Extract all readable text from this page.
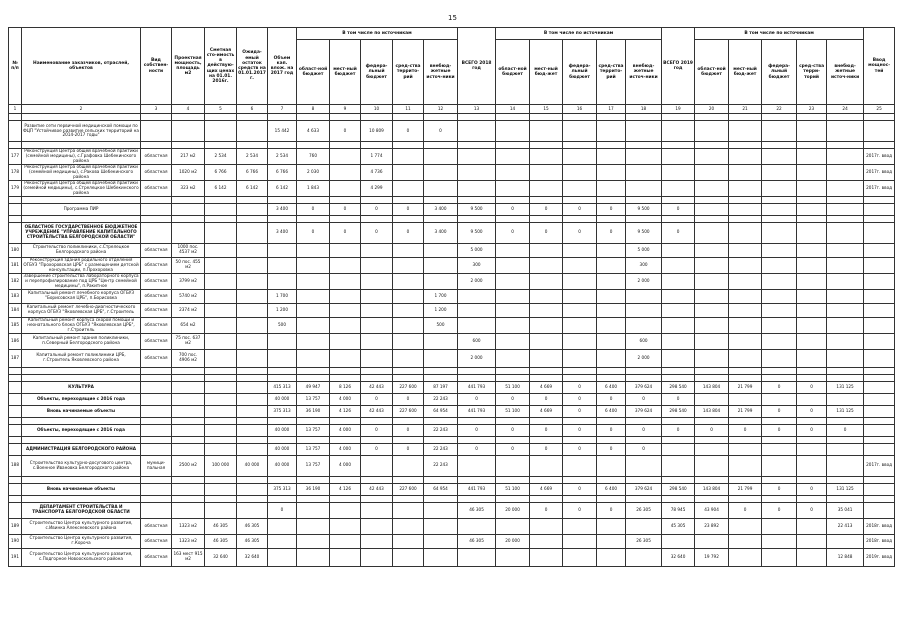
15
№ п/п	Наименование заказчиков, отраслей, объектов	Вид собствен-ности	Проектная мощность, площадь м2	Сметная сто-имость в действую-щих ценах на 01.01. 2016г.	Ожида-емый остаток средств на 01.01.2017 г.	Объем кап. влож. на 2017 год	В том числе по источникам					ВСЕГО 2018 год	В том числе по источникам					ВСЕГО 2019 год	В том числе по источникам					Ввод мощнос-тей
							област-ной бюджет	мест-ный бюджет	федера-льный бюджет	сред-ства террито-рий	внебюд-жетные источ-ники		област-ной бюджет	мест-ный бюд-жет	федера-льный бюджет	сред-ства террито-рий	внебюд-жетные источ-ники		област-ной бюджет	мест-ный бюд-жет	федера-льный бюджет	сред-ства терри-торий	внебюд-жетные источ-ники	
1	2	3	4	5	6	7	8	9	10	11	12	13	14	15	16	17	18	19	20	21	22	23	24	25

	Развитие сети первичной медицинской помощи по ФЦП "Устойчивое развитие сельских территорий на 2014-2017 годы"					15 442	4 633	0	10 809	0	0													

177	Реконструкция Центра общей врачебной практики (семейной медицины), с.Графовка Шебекинского района	областная	217 м2	2 534	2 534	2 534	760		1 774															2017г. ввод
178	Реконструкция Центра общей врачебной практики (семейной медицины), с.Ракова Шебекинского района	областная	1020 м2	6 766	6 766	6 766	2 030		4 736															2017г. ввод
179	Реконструкция Центра общей врачебной практики (семейной медицины), с.Стрелецкое Шебекинского района	областная	323 м2	6 142	6 142	6 142	1 843		4 299															2017г. ввод

	Программа ПИР					3 400	0	0	0	0	3 400	9 500	0	0	0	0	9 500	0						

	ОБЛАСТНОЕ ГОСУДАРСТВЕННОЕ БЮДЖЕТНОЕ УЧРЕЖДЕНИЕ "УПРАВЛЕНИЕ КАПИТАЛЬНОГО СТРОИТЕЛЬСТВА БЕЛГОРОДСКОЙ ОБЛАСТИ"					3 400	0	0	0	0	3 400	9 500	0	0	0	0	9 500	0						
180	Строительство поликлиники, с.Стрелецкое Белгородского района	областная	1000 пос. 4537 м2									5 000					5 000							
181	Реконструкция здания родильного отделения ОГБУЗ "Прохоровская ЦРБ" с размещением детской консультации, п.Прохоровка	областная	50 пос. 455 м2									300					300							
182	Завершение строительства лабораторного корпуса и перепрофилирование под ЦРБ "Центр семейной медицины", п.Ракитное	областная	3799 м2									2 000					2 000							
183	Капитальный ремонт лечебного корпуса ОГБУЗ "Борисовская ЦРБ", п.Борисовка	областная	5740 м2			1 700					1 700													
184	Капитальный ремонт лечебно-диагностического корпуса ОГБУЗ "Яковлевская ЦРБ", г.Строитель	областная	2374 м2			1 200					1 200													
185	Капитальный ремонт корпуса скорой помощи и неонатального блока ОГБУЗ "Яковлевская ЦРБ", г.Строитель	областная	654 м2			500					500													
186	Капитальный ремонт здания поликлиники, п.Северный Белгородского района	областная	75 пос. 637 м2									600					600							
187	Капитальный ремонт поликлиники ЦРБ, г.Строитель Яковлевского района	областная	700 пос. 4906 м2									2 000					2 000							

	КУЛЬТУРА					415 313	49 947	8 126	42 443	227 600	87 197	441 793	51 100	4 669	0	6 400	379 624	298 540	143 804	21 799	0	0	131 125	
	Объекты, переходящие с 2016 года					40 000	13 757	4 000	0	0	22 243	0	0	0	0	0	0	0						
	Вновь начинаемые объекты					375 313	36 190	4 126	42 443	227 600	64 954	441 793	51 100	4 669	0	6 400	379 624	298 540	143 804	21 799	0	0	131 125	

	Объекты, переходящие с 2016 года					40 000	13 757	4 000	0	0	22 243	0	0	0	0	0	0	0	0	0	0	0	0	

	АДМИНИСТРАЦИЯ БЕЛГОРОДСКОГО РАЙОНА					40 000	13 757	4 000	0	0	22 243	0	0	0	0	0	0							
188	Строительство культурно-досугового центра, с.Военное Ивановка Белгородского района	муници-пальная	2500 м2	100 000	40 000	40 000	13 757	4 000			22 243													2017г. ввод

	Вновь начинаемые объекты					375 313	36 190	4 126	42 443	227 600	64 954	441 793	51 100	4 669	0	6 400	379 624	298 540	143 804	21 799	0	0	131 125	

	ДЕПАРТАМЕНТ СТРОИТЕЛЬСТВА И ТРАНСПОРТА БЕЛГОРОДСКОЙ ОБЛАСТИ					0						46 305	20 000	0	0	0	26 305	78 945	43 904	0	0	0	35 041	
189	Строительство Центра культурного развития, с.Ивинка Алексеевского района	областная	1323 м2	46 305	46 305													45 305	23 892				22 413	2018г. ввод
190	Строительство Центра культурного развития, г.Короча	областная	1323 м2	46 305	46 305							46 305	20 000				26 305							2018г. ввод
191	Строительство Центра культурного развития, с.Подгорное Новооскольского района	областная	163 мест 915 м2	32 640	32 640													32 640	19 792				12 848	2019г. ввод
